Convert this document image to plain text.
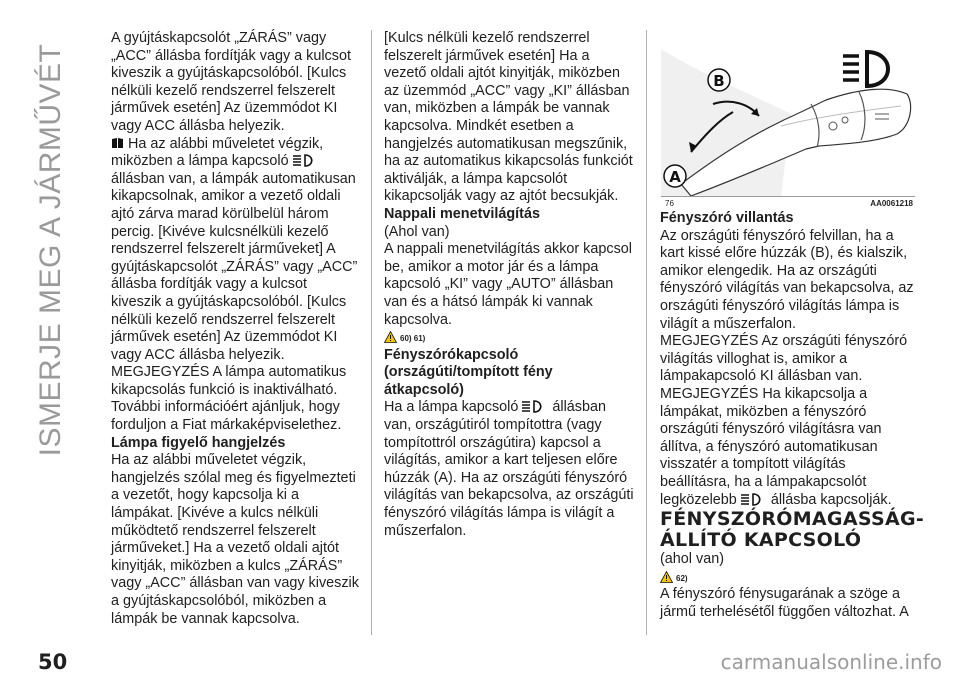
ISMERJE MEG A JÁRMŰVÉT

A gyújtáskapcsolót „ZÁRÁS” vagy „ACC” állásba fordítják vagy a kulcsot kiveszik a gyújtáskapcsolóból. [Kulcs nélküli kezelő rendszerrel felszerelt járművek esetén] Az üzemmódot KI vagy ACC állásba helyezik.

Ha az alábbi műveletet végzik, miközben a lámpa kapcsoló  állásban van, a lámpák automatikusan kikapcsolnak, amikor a vezető oldali ajtó zárva marad körülbelül három percig. [Kivéve kulcsnélküli kezelő rendszerrel felszerelt járműveket] A gyújtáskapcsolót „ZÁRÁS” vagy „ACC” állásba fordítják vagy a kulcsot kiveszik a gyújtáskapcsolóból. [Kulcs nélküli kezelő rendszerrel felszerelt járművek esetén] Az üzemmódot KI vagy ACC állásba helyezik.

MEGJEGYZÉS A lámpa automatikus kikapcsolás funkció is inaktiválható. További információért ajánljuk, hogy forduljon a Fiat márkaképviselethez.

Lámpa figyelő hangjelzés

Ha az alábbi műveletet végzik, hangjelzés szólal meg és figyelmezteti a vezetőt, hogy kapcsolja ki a lámpákat. [Kivéve a kulcs nélküli működtető rendszerrel felszerelt járműveket.] Ha a vezető oldali ajtót kinyitják, miközben a kulcs „ZÁRÁS” vagy „ACC” állásban van vagy kiveszik a gyújtáskapcsolóból, miközben a lámpák be vannak kapcsolva.

[Kulcs nélküli kezelő rendszerrel felszerelt járművek esetén] Ha a vezető oldali ajtót kinyitják, miközben az üzemmód „ACC” vagy „KI” állásban van, miközben a lámpák be vannak kapcsolva. Mindkét esetben a hangjelzés automatikusan megszűnik, ha az automatikus kikapcsolás funkciót aktiválják, a lámpa kapcsolót kikapcsolják vagy az ajtót becsukják.

Nappali menetvilágítás

(Ahol van)

A nappali menetvilágítás akkor kapcsol be, amikor a motor jár és a lámpa kapcsoló „KI” vagy „AUTO” állásban van és a hátsó lámpák ki vannak kapcsolva.

60) 61)

Fényszórókapcsoló (országúti/tompított fény átkapcsoló)

Ha a lámpa kapcsoló állásban van, országútiról tompítottra (vagy tompítottról országútira) kapcsol a világítás, amikor a kart teljesen előre húzzák (A). Ha az országúti fényszóró világítás van bekapcsolva, az országúti fényszóró világítás lámpa is világít a műszerfalon.

A
B
76	AA0061218

Fényszóró villantás

Az országúti fényszóró felvillan, ha a kart kissé előre húzzák (B), és kialszik, amikor elengedik. Ha az országúti fényszóró világítás van bekapcsolva, az országúti fényszóró világítás lámpa is világít a műszerfalon.

MEGJEGYZÉS Az országúti fényszóró világítás villoghat is, amikor a lámpakapcsoló KI állásban van.

MEGJEGYZÉS Ha kikapcsolja a lámpákat, miközben a fényszóró országúti fényszóró világításra van állítva, a fényszóró automatikusan visszatér a tompított világítás beállításra, ha a lámpakapcsolót legközelebb állásba kapcsolják.

FÉNYSZÓRÓMAGASSÁG-ÁLLÍTÓ KAPCSOLÓ

(ahol van)

62)

A fényszóró fénysugarának a szöge a jármű terhelésétől függően változhat. A

50	carmanualsonline.info
